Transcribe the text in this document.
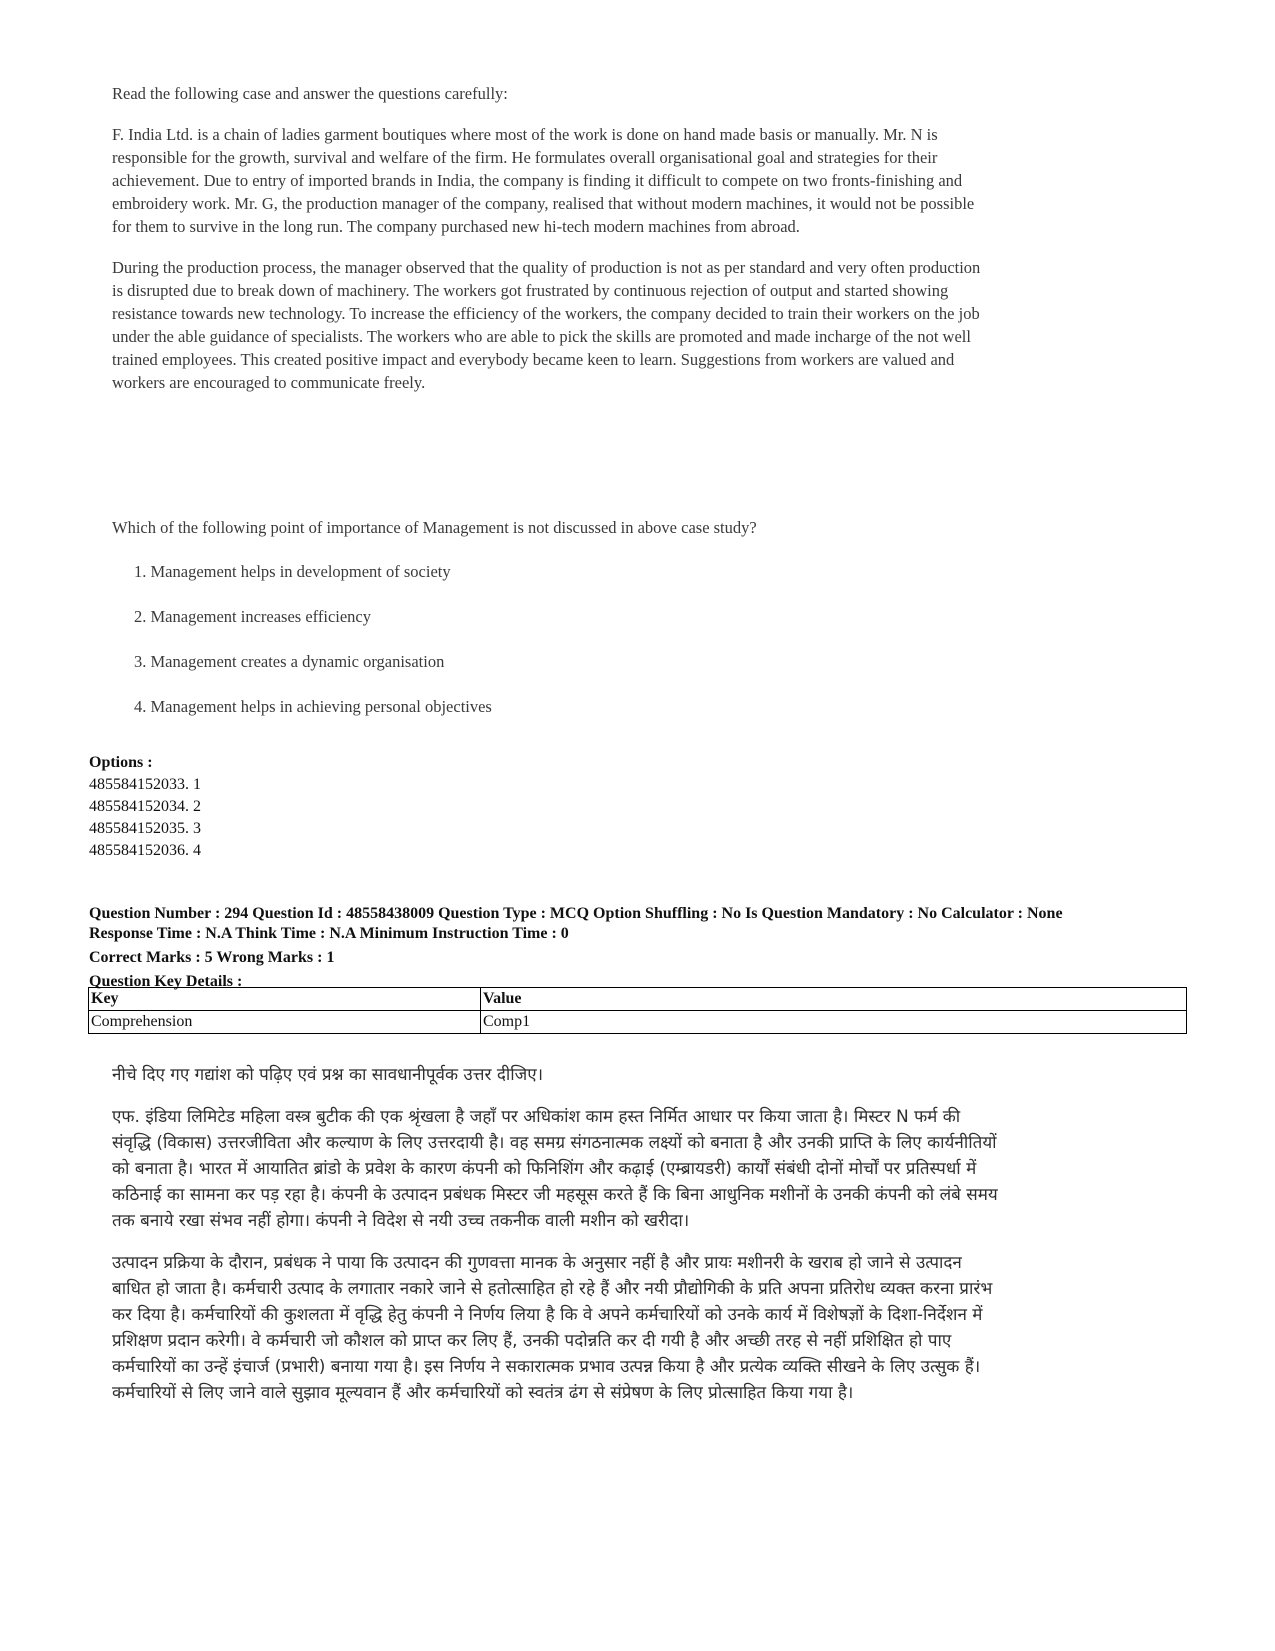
Read the following case and answer the questions carefully:

F. India Ltd. is a chain of ladies garment boutiques where most of the work is done on hand made basis or manually. Mr. N is responsible for the growth, survival and welfare of the firm. He formulates overall organisational goal and strategies for their achievement. Due to entry of imported brands in India, the company is finding it difficult to compete on two fronts-finishing and embroidery work. Mr. G, the production manager of the company, realised that without modern machines, it would not be possible for them to survive in the long run. The company purchased new hi-tech modern machines from abroad.

During the production process, the manager observed that the quality of production is not as per standard and very often production is disrupted due to break down of machinery. The workers got frustrated by continuous rejection of output and started showing resistance towards new technology. To increase the efficiency of the workers, the company decided to train their workers on the job under the able guidance of specialists. The workers who are able to pick the skills are promoted and made incharge of the not well trained employees. This created positive impact and everybody became keen to learn. Suggestions from workers are valued and workers are encouraged to communicate freely.

Which of the following point of importance of Management is not discussed in above case study?

1. Management helps in development of society
2. Management increases efficiency
3. Management creates a dynamic organisation
4. Management helps in achieving personal objectives
Options :
485584152033. 1
485584152034. 2
485584152035. 3
485584152036. 4
Question Number : 294 Question Id : 48558438009 Question Type : MCQ Option Shuffling : No Is Question Mandatory : No Calculator : None
Response Time : N.A Think Time : N.A Minimum Instruction Time : 0
Correct Marks : 5 Wrong Marks : 1
Question Key Details :
Key	Value
Comprehension	Comp1

नीचे दिए गए गद्यांश को पढ़िए एवं प्रश्न का सावधानीपूर्वक उत्तर दीजिए।

एफ. इंडिया लिमिटेड महिला वस्त्र बुटीक की एक श्रृंखला है जहाँ पर अधिकांश काम हस्त निर्मित आधार पर किया जाता है। मिस्टर N फर्म की संवृद्धि (विकास) उत्तरजीविता और कल्याण के लिए उत्तरदायी है। वह समग्र संगठनात्मक लक्ष्यों को बनाता है और उनकी प्राप्ति के लिए कार्यनीतियों को बनाता है। भारत में आयातित ब्रांडो के प्रवेश के कारण कंपनी को फिनिशिंग और कढ़ाई (एम्ब्रायडरी) कार्यों संबंधी दोनों मोर्चों पर प्रतिस्पर्धा में कठिनाई का सामना कर पड़ रहा है। कंपनी के उत्पादन प्रबंधक मिस्टर जी महसूस करते हैं कि बिना आधुनिक मशीनों के उनकी कंपनी को लंबे समय तक बनाये रखा संभव नहीं होगा। कंपनी ने विदेश से नयी उच्च तकनीक वाली मशीन को खरीदा।

उत्पादन प्रक्रिया के दौरान, प्रबंधक ने पाया कि उत्पादन की गुणवत्ता मानक के अनुसार नहीं है और प्रायः मशीनरी के खराब हो जाने से उत्पादन बाधित हो जाता है। कर्मचारी उत्पाद के लगातार नकारे जाने से हतोत्साहित हो रहे हैं और नयी प्रौद्योगिकी के प्रति अपना प्रतिरोध व्यक्त करना प्रारंभ कर दिया है। कर्मचारियों की कुशलता में वृद्धि हेतु कंपनी ने निर्णय लिया है कि वे अपने कर्मचारियों को उनके कार्य में विशेषज्ञों के दिशा-निर्देशन में प्रशिक्षण प्रदान करेगी। वे कर्मचारी जो कौशल को प्राप्त कर लिए हैं, उनकी पदोन्नति कर दी गयी है और अच्छी तरह से नहीं प्रशिक्षित हो पाए कर्मचारियों का उन्हें इंचार्ज (प्रभारी) बनाया गया है। इस निर्णय ने सकारात्मक प्रभाव उत्पन्न किया है और प्रत्येक व्यक्ति सीखने के लिए उत्सुक हैं। कर्मचारियों से लिए जाने वाले सुझाव मूल्यवान हैं और कर्मचारियों को स्वतंत्र ढंग से संप्रेषण के लिए प्रोत्साहित किया गया है।
